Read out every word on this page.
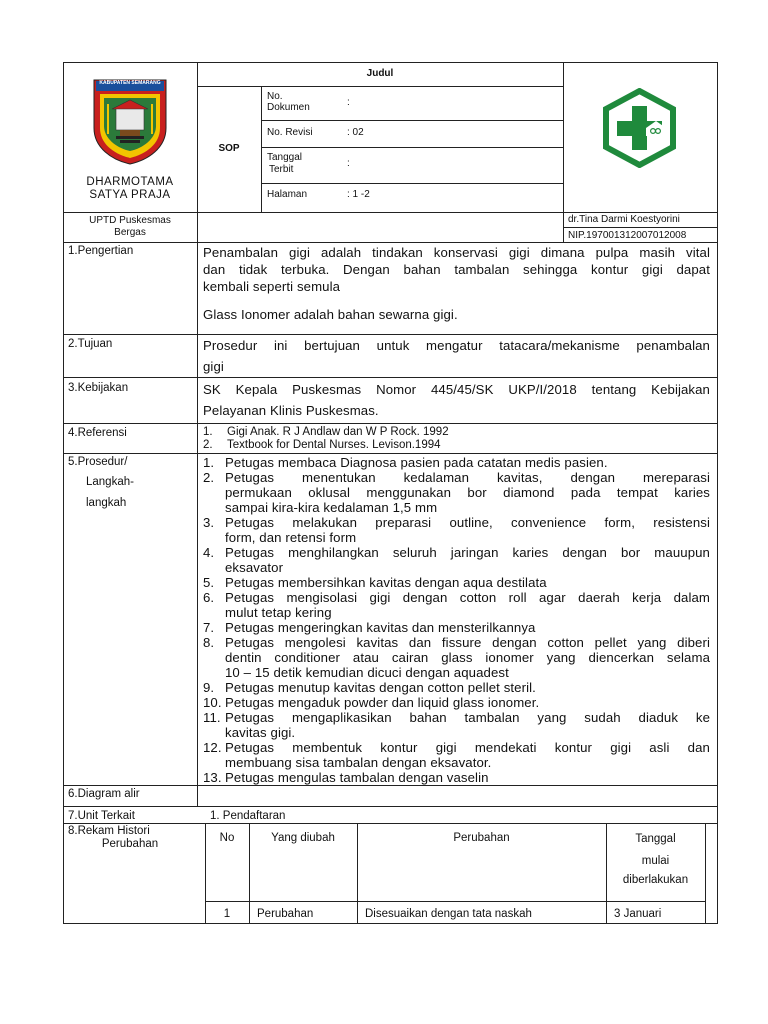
KABUPATEN SEMARANG
DHARMOTAMA
SATYA PRAJA
Judul
SOP
No.
Dokumen	:
No. Revisi	: 02
Tanggal
Terbit
:
Halaman	: 1 -2
UPTD Puskesmas
Bergas
dr.Tina Darmi Koestyorini
NIP.197001312007012008
1.Pengertian	Penambalan gigi adalah tindakan konservasi gigi dimana pulpa masih vital
dan tidak terbuka. Dengan bahan tambalan sehingga kontur gigi dapat
kembali seperti semula
Glass Ionomer adalah bahan sewarna gigi.
2.Tujuan	Prosedur ini bertujuan untuk mengatur tatacara/mekanisme penambalan
gigi
3.Kebijakan	SK Kepala Puskesmas Nomor 445/45/SK UKP/I/2018 tentang Kebijakan
Pelayanan Klinis Puskesmas.
4.Referensi	1. Gigi Anak. R J Andlaw dan W P Rock. 1992
2. Textbook for Dental Nurses. Levison.1994
5.Prosedur/
Langkah-
langkah
1. Petugas membaca Diagnosa pasien pada catatan medis pasien.
2. Petugas menentukan kedalaman kavitas, dengan mereparasi
permukaan oklusal menggunakan bor diamond pada tempat karies
sampai kira-kira kedalaman 1,5 mm
3. Petugas melakukan preparasi outline, convenience form, resistensi
form, dan retensi form
4. Petugas menghilangkan seluruh jaringan karies dengan bor mauupun
eksavator
5. Petugas membersihkan kavitas dengan aqua destilata
6. Petugas mengisolasi gigi dengan cotton roll agar daerah kerja dalam
mulut tetap kering
7. Petugas mengeringkan kavitas dan mensterilkannya
8. Petugas mengolesi kavitas dan fissure dengan cotton pellet yang diberi
dentin conditioner atau cairan glass ionomer yang diencerkan selama
10 – 15 detik kemudian dicuci dengan aquadest
9. Petugas menutup kavitas dengan cotton pellet steril.
10. Petugas mengaduk powder dan liquid glass ionomer.
11. Petugas mengaplikasikan bahan tambalan yang sudah diaduk ke
kavitas gigi.
12. Petugas membentuk kontur gigi mendekati kontur gigi asli dan
membuang sisa tambalan dengan eksavator.
13. Petugas mengulas tambalan dengan vaselin
6.Diagram alir
7.Unit Terkait	1. Pendaftaran
8.Rekam Histori
Perubahan	No	Yang diubah	Perubahan	Tanggal
mulai
diberlakukan
1	Perubahan	Disesuaikan dengan tata naskah	3 Januari
